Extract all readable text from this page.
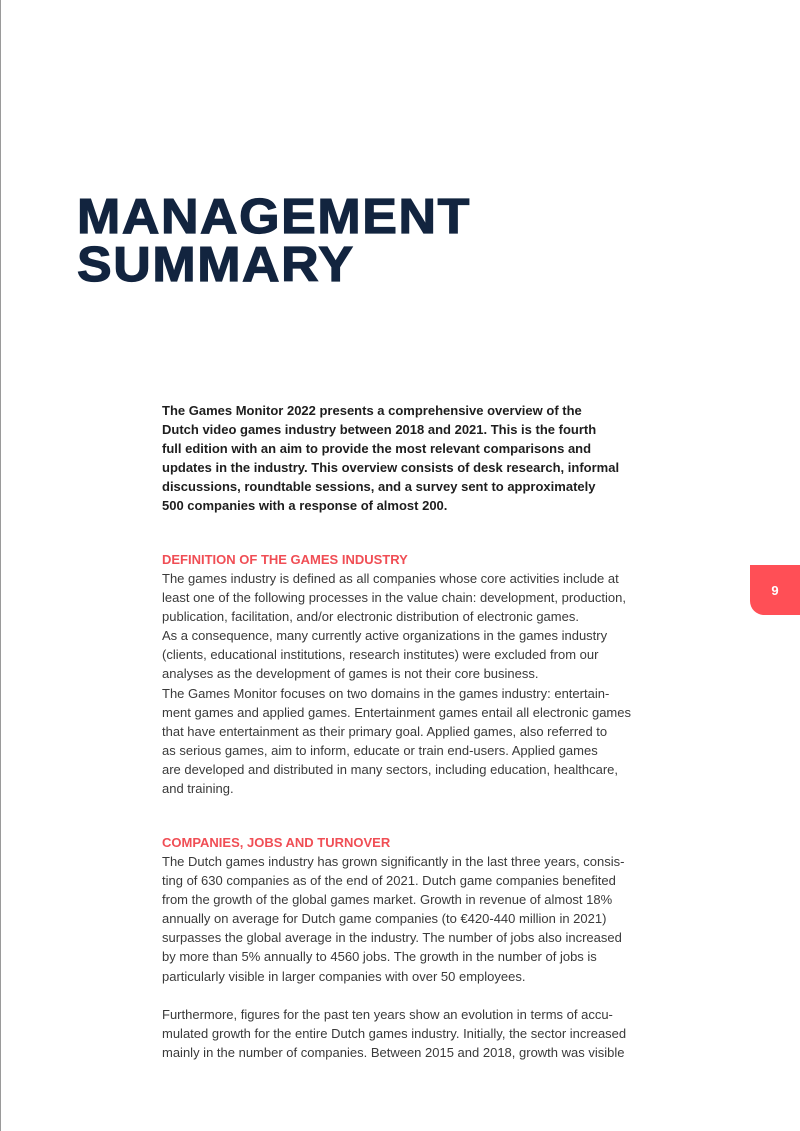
MANAGEMENT
SUMMARY
9
The Games Monitor 2022 presents a comprehensive overview of the
Dutch video games industry between 2018 and 2021. This is the fourth
full edition with an aim to provide the most relevant comparisons and
updates in the industry. This overview consists of desk research, informal
discussions, roundtable sessions, and a survey sent to approximately
500 companies with a response of almost 200.
DEFINITION OF THE GAMES INDUSTRY
The games industry is defined as all companies whose core activities include at
least one of the following processes in the value chain: development, production,
publication, facilitation, and/or electronic distribution of electronic games.
As a consequence, many currently active organizations in the games industry
(clients, educational institutions, research institutes) were excluded from our
analyses as the development of games is not their core business.
The Games Monitor focuses on two domains in the games industry: entertain-
ment games and applied games. Entertainment games entail all electronic games
that have entertainment as their primary goal. Applied games, also referred to
as serious games, aim to inform, educate or train end-users. Applied games
are developed and distributed in many sectors, including education, healthcare,
and training.
COMPANIES, JOBS AND TURNOVER
The Dutch games industry has grown significantly in the last three years, consis-
ting of 630 companies as of the end of 2021. Dutch game companies benefited
from the growth of the global games market. Growth in revenue of almost 18%
annually on average for Dutch game companies (to €420-440 million in 2021)
surpasses the global average in the industry. The number of jobs also increased
by more than 5% annually to 4560 jobs. The growth in the number of jobs is
particularly visible in larger companies with over 50 employees.
Furthermore, figures for the past ten years show an evolution in terms of accu-
mulated growth for the entire Dutch games industry. Initially, the sector increased
mainly in the number of companies. Between 2015 and 2018, growth was visible
